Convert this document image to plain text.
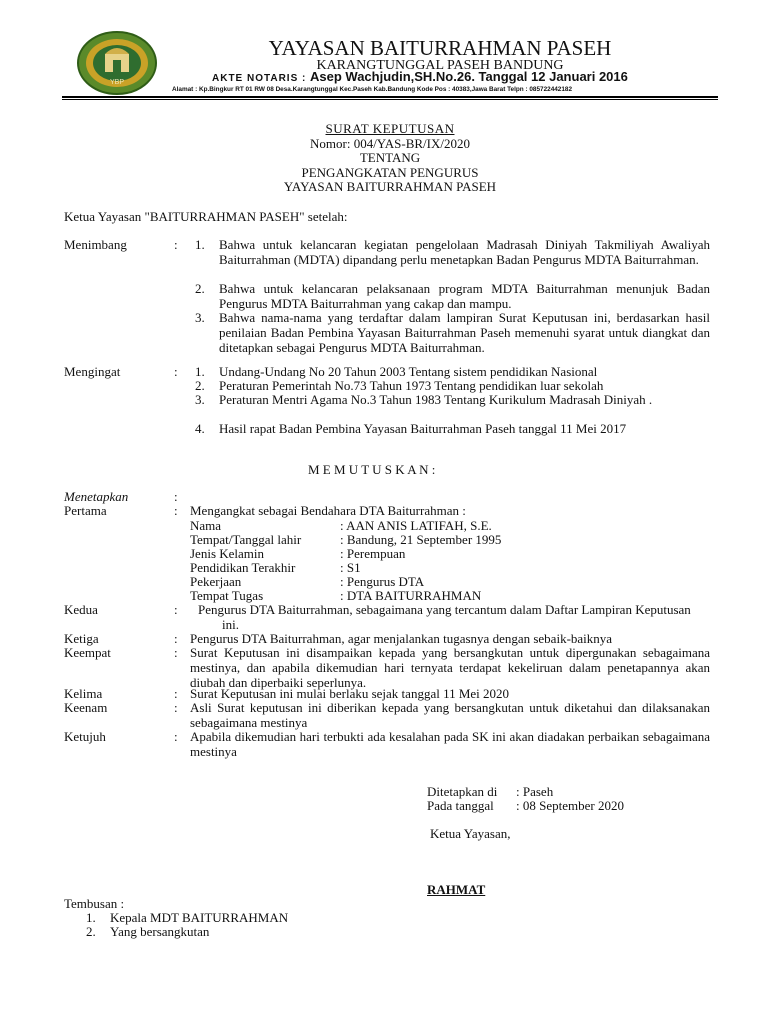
YBP
YAYASAN BAITURRAHMAN PASEH
KARANGTUNGGAL PASEH BANDUNG
AKTE NOTARIS : Asep Wachjudin,SH.No.26. Tanggal 12 Januari 2016
Alamat : Kp.Bingkur RT 01 RW 08 Desa.Karangtunggal Kec.Paseh Kab.Bandung Kode Pos : 40383,Jawa Barat Telpn : 085722442182
SURAT KEPUTUSAN
Nomor: 004/YAS-BR/IX/2020
TENTANG
PENGANGKATAN PENGURUS
YAYASAN BAITURRAHMAN PASEH
Ketua Yayasan "BAITURRAHMAN PASEH" setelah:
Menimbang	: 1. Bahwa untuk kelancaran kegiatan pengelolaan Madrasah Diniyah Takmiliyah Awaliyah Baiturrahman (MDTA) dipandang perlu menetapkan Badan Pengurus MDTA Baiturrahman.
2. Bahwa untuk kelancaran pelaksanaan program MDTA Baiturrahman menunjuk Badan Pengurus MDTA Baiturrahman yang cakap dan mampu.
3. Bahwa nama-nama yang terdaftar dalam lampiran Surat Keputusan ini, berdasarkan hasil penilaian Badan Pembina Yayasan Baiturrahman Paseh memenuhi syarat untuk diangkat dan ditetapkan sebagai Pengurus MDTA Baiturrahman.
Mengingat	: 1. Undang-Undang No 20 Tahun 2003 Tentang sistem pendidikan Nasional
2. Peraturan Pemerintah No.73 Tahun 1973 Tentang pendidikan luar sekolah
3. Peraturan Mentri Agama No.3 Tahun 1983 Tentang Kurikulum Madrasah Diniyah .
4. Hasil rapat Badan Pembina Yayasan Baiturrahman Paseh tanggal 11 Mei 2017
M E M U T U S K A N :
Menetapkan	:
Pertama	: Mengangkat sebagai Bendahara DTA Baiturrahman :
Nama	: AAN ANIS LATIFAH, S.E.
Tempat/Tanggal lahir	: Bandung, 21 September 1995
Jenis Kelamin	: Perempuan
Pendidikan Terakhir	: S1
Pekerjaan	: Pengurus DTA
Tempat Tugas	: DTA BAITURRAHMAN
Kedua	: Pengurus DTA Baiturrahman, sebagaimana yang tercantum dalam Daftar Lampiran Keputusan ini.
Ketiga	: Pengurus DTA Baiturrahman, agar menjalankan tugasnya dengan sebaik-baiknya
Keempat	: Surat Keputusan ini disampaikan kepada yang bersangkutan untuk dipergunakan sebagaimana mestinya, dan apabila dikemudian hari ternyata terdapat kekeliruan dalam penetapannya akan diubah dan diperbaiki seperlunya.
Kelima	: Surat Keputusan ini mulai berlaku sejak tanggal 11 Mei 2020
Keenam	: Asli Surat keputusan ini diberikan kepada yang bersangkutan untuk diketahui dan dilaksanakan sebagaimana mestinya
Ketujuh	: Apabila dikemudian hari terbukti ada kesalahan pada SK ini akan diadakan perbaikan sebagaimana mestinya
Ditetapkan di : Paseh
Pada tanggal : 08 September 2020
Ketua Yayasan,
RAHMAT
Tembusan :
1. Kepala MDT BAITURRAHMAN
2. Yang bersangkutan
